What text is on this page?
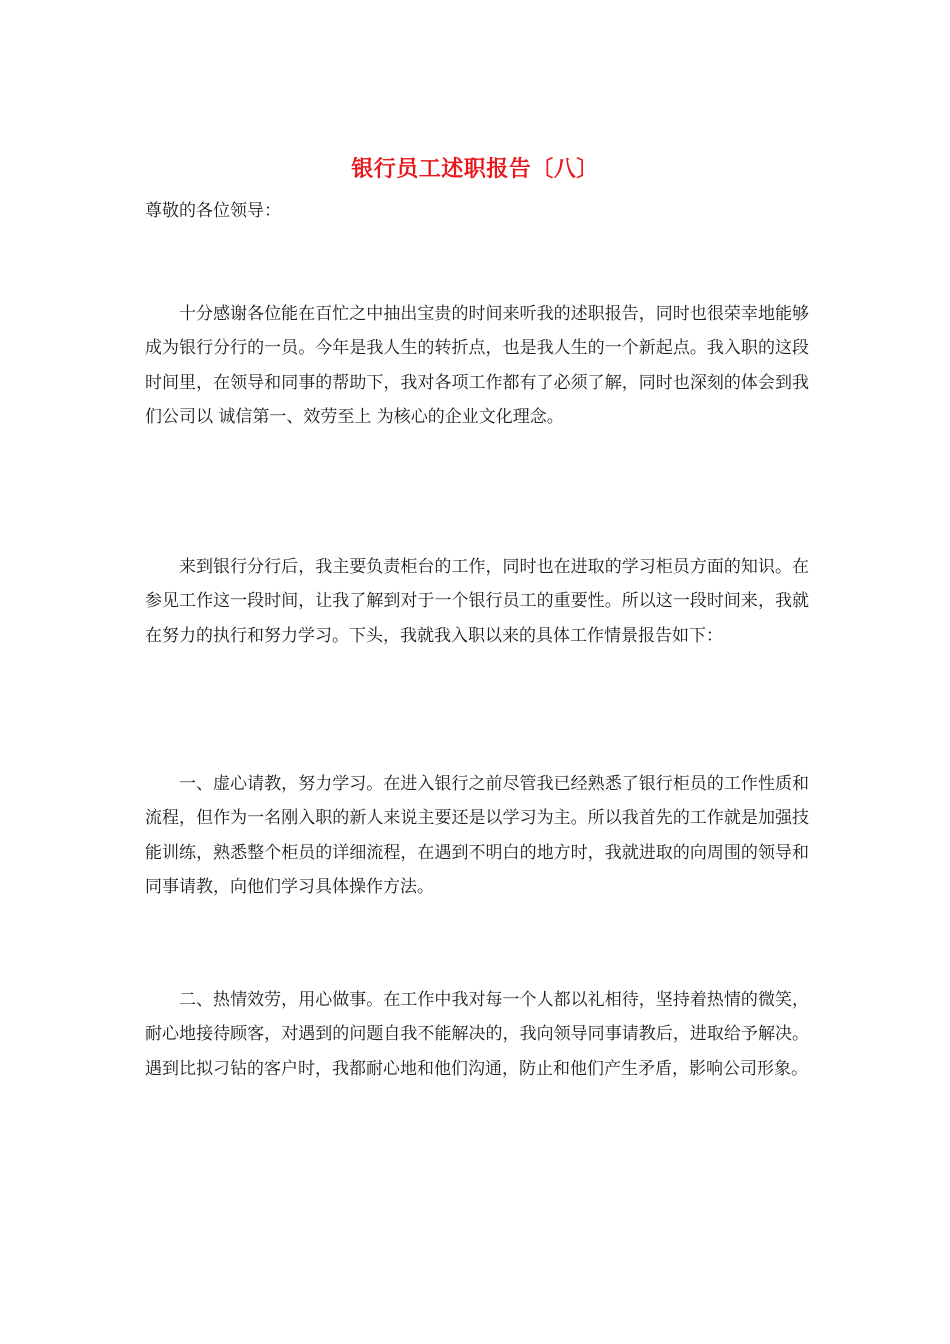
银行员工述职报告〔八〕
尊敬的各位领导：

十分感谢各位能在百忙之中抽出宝贵的时间来听我的述职报告，同时也很荣幸地能够成为银行分行的一员。今年是我人生的转折点，也是我人生的一个新起点。我入职的这段时间里，在领导和同事的帮助下，我对各项工作都有了必须了解，同时也深刻的体会到我们公司以 诚信第一、效劳至上 为核心的企业文化理念。

来到银行分行后，我主要负责柜台的工作，同时也在进取的学习柜员方面的知识。在参见工作这一段时间，让我了解到对于一个银行员工的重要性。所以这一段时间来，我就在努力的执行和努力学习。下头，我就我入职以来的具体工作情景报告如下：

一、虚心请教，努力学习。在进入银行之前尽管我已经熟悉了银行柜员的工作性质和流程，但作为一名刚入职的新人来说主要还是以学习为主。所以我首先的工作就是加强技能训练，熟悉整个柜员的详细流程，在遇到不明白的地方时，我就进取的向周围的领导和同事请教，向他们学习具体操作方法。

二、热情效劳，用心做事。在工作中我对每一个人都以礼相待，坚持着热情的微笑，耐心地接待顾客，对遇到的问题自我不能解决的，我向领导同事请教后，进取给予解决。遇到比拟刁钻的客户时，我都耐心地和他们沟通，防止和他们产生矛盾，影响公司形象。
